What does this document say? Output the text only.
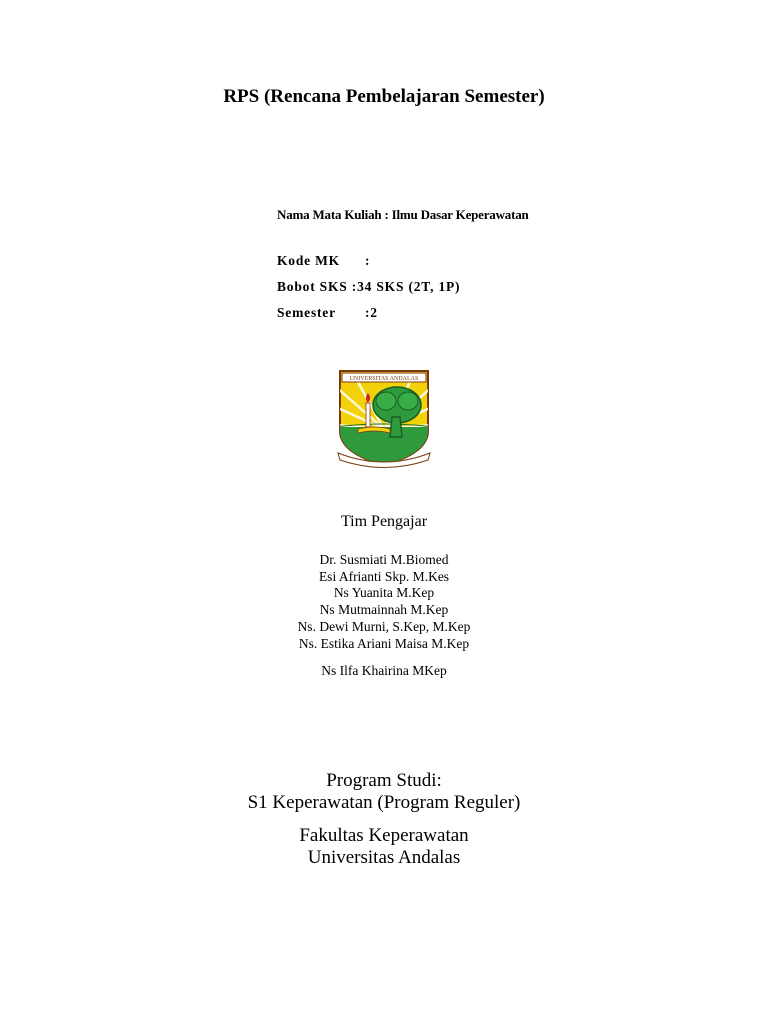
RPS (Rencana Pembelajaran Semester)
Nama Mata Kuliah : Ilmu Dasar Keperawatan
Kode MK :
Bobot SKS :34 SKS (2T, 1P)
Semester :2
UNIVERSITAS ANDALAS
Tim Pengajar
Dr. Susmiati M.Biomed
Esi Afrianti Skp. M.Kes
Ns Yuanita M.Kep
Ns Mutmainnah M.Kep
Ns. Dewi Murni, S.Kep, M.Kep
Ns. Estika Ariani Maisa M.Kep
Ns Ilfa Khairina MKep
Program Studi:
S1 Keperawatan (Program Reguler)
Fakultas Keperawatan
Universitas Andalas
